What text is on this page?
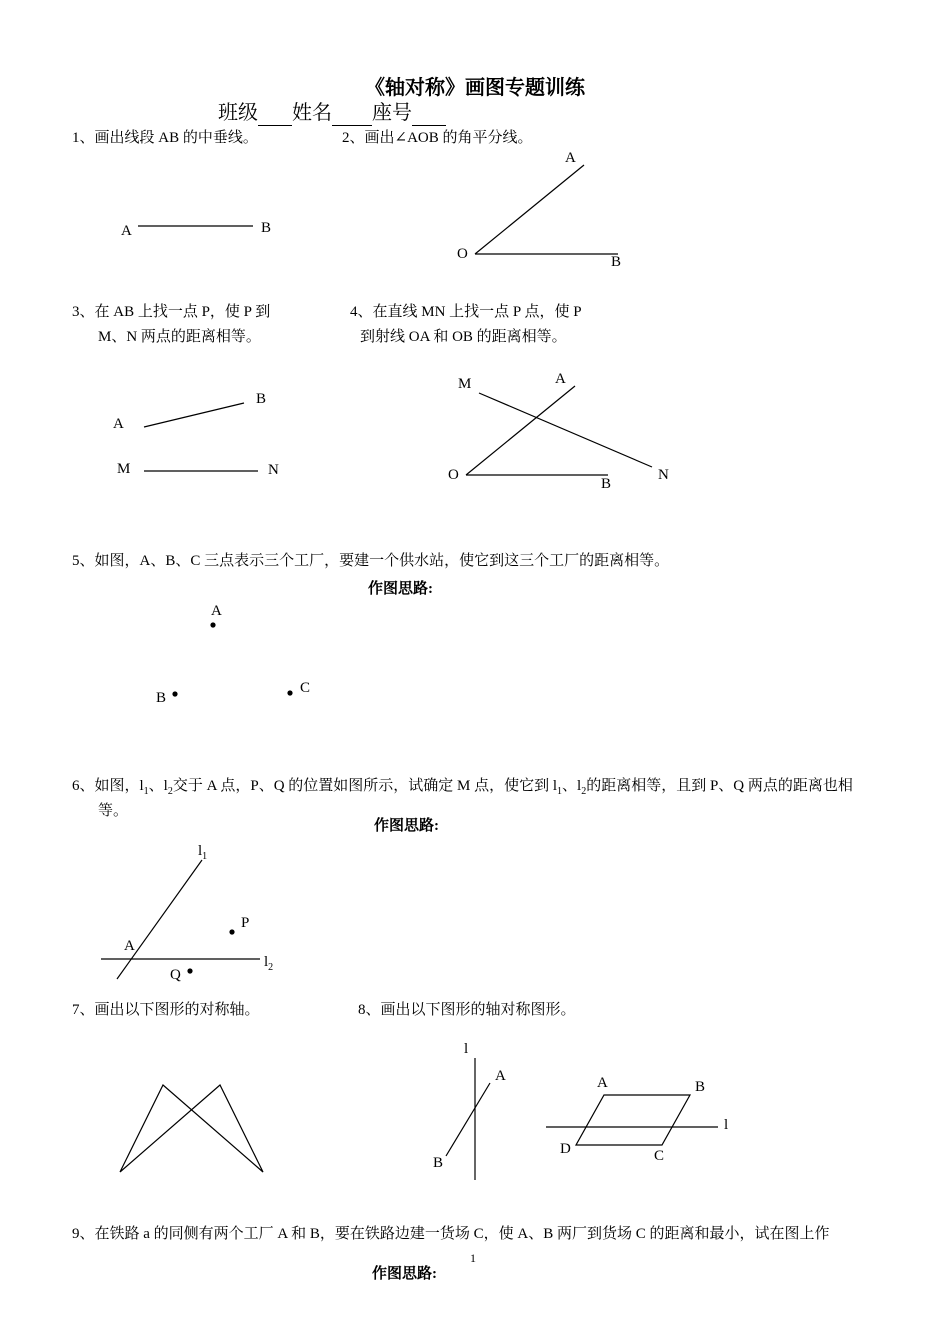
《轴对称》画图专题训练
班级 姓名 座号
1、画出线段 AB 的中垂线。	2、画出∠AOB 的角平分线。
3、在 AB 上找一点 P，使 P 到
M、N 两点的距离相等。
4、在直线 MN 上找一点 P 点，使 P
到射线 OA 和 OB 的距离相等。
5、如图，A、B、C 三点表示三个工厂，要建一个供水站，使它到这三个工厂的距离相等。
作图思路:
6、如图，$l_1$、$l_2$交于 A 点，P、Q 的位置如图所示，试确定 M 点，使它到 $l_1$、$l_2$的距离相等，且到 P、Q 两点的距离也相
等。
作图思路:
7、画出以下图形的对称轴。	8、画出以下图形的轴对称图形。
9、在铁路 a 的同侧有两个工厂 A 和 B，要在铁路边建一货场 C，使 A、B 两厂到货场 C 的距离和最小，试在图上作
1
作图思路:
A	B
A
O	B
A
B
M	N
M	A
O
B
N
A
B
C
$l_1$
$l_2$
A
P
Q
l
A
B
A	B
l
D	C
